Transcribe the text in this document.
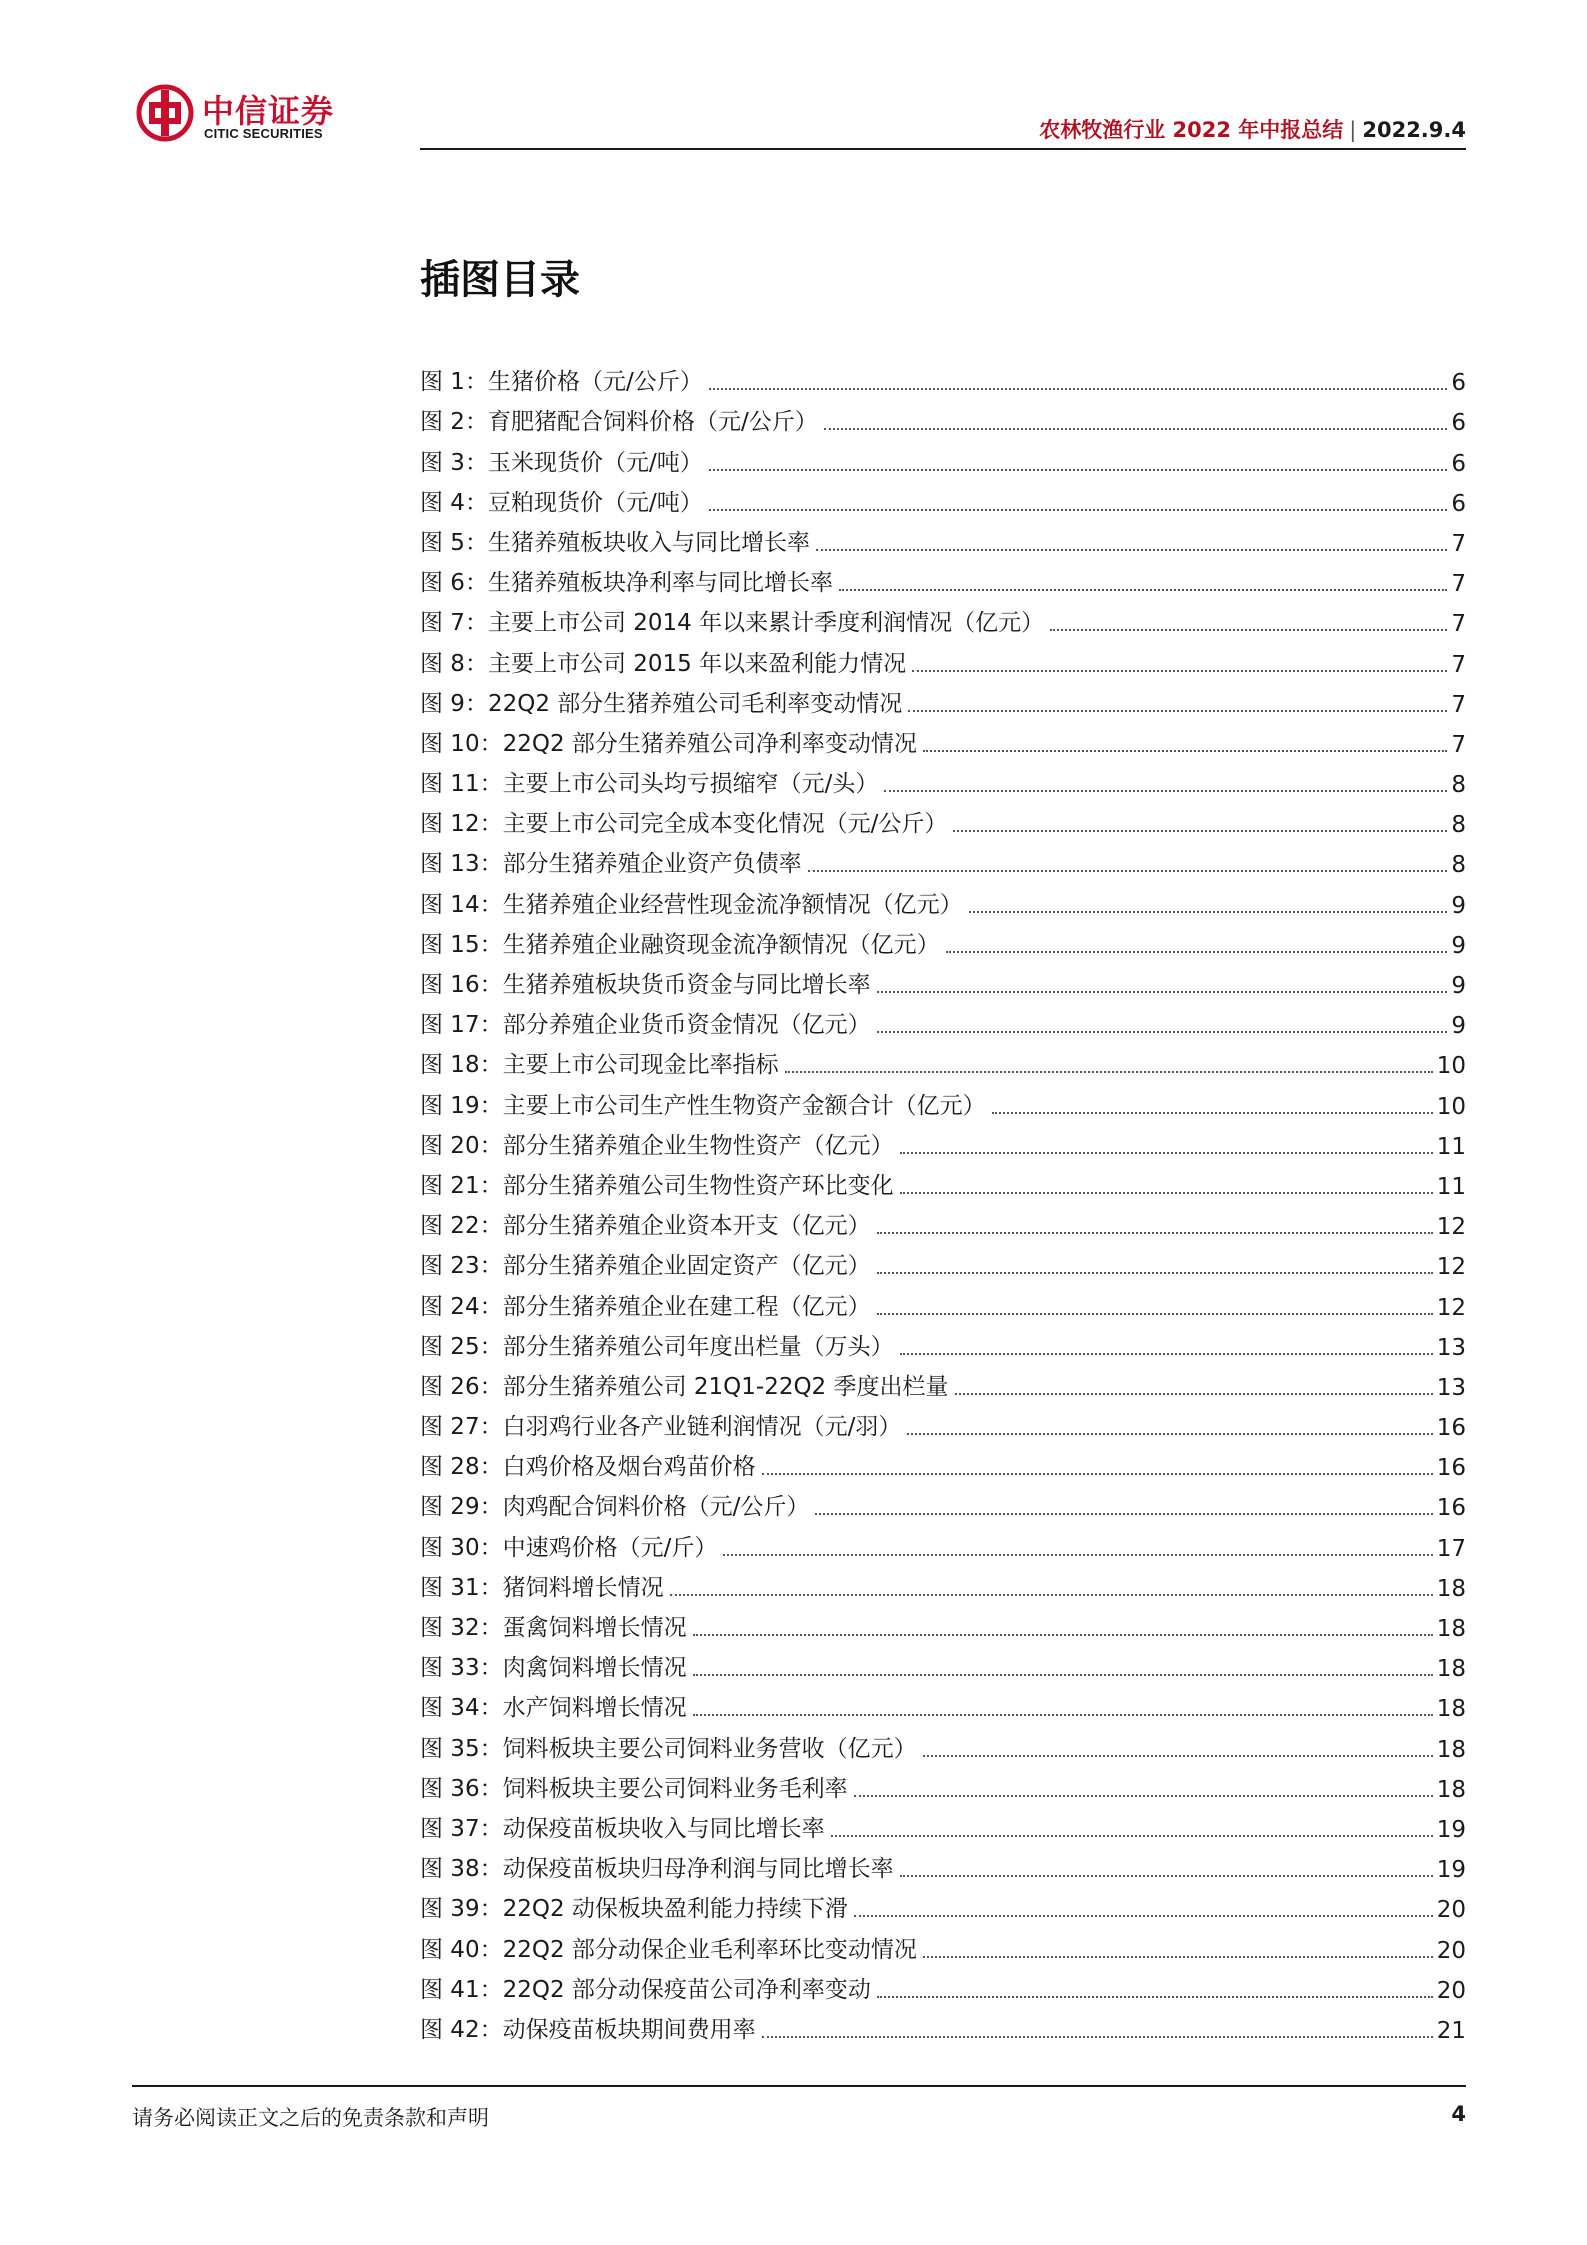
中信证券
CITIC SECURITIES	农林牧渔行业 2022 年中报总结 | 2022.9.4
插图目录
图 1：生猪价格（元/公斤）	6
图 2：育肥猪配合饲料价格（元/公斤）	6
图 3：玉米现货价（元/吨）	6
图 4：豆粕现货价（元/吨）	6
图 5：生猪养殖板块收入与同比增长率	7
图 6：生猪养殖板块净利率与同比增长率	7
图 7：主要上市公司 2014 年以来累计季度利润情况（亿元）	7
图 8：主要上市公司 2015 年以来盈利能力情况	7
图 9：22Q2 部分生猪养殖公司毛利率变动情况	7
图 10：22Q2 部分生猪养殖公司净利率变动情况	7
图 11：主要上市公司头均亏损缩窄（元/头）	8
图 12：主要上市公司完全成本变化情况（元/公斤）	8
图 13：部分生猪养殖企业资产负债率	8
图 14：生猪养殖企业经营性现金流净额情况（亿元）	9
图 15：生猪养殖企业融资现金流净额情况（亿元）	9
图 16：生猪养殖板块货币资金与同比增长率	9
图 17：部分养殖企业货币资金情况（亿元）	9
图 18：主要上市公司现金比率指标	10
图 19：主要上市公司生产性生物资产金额合计（亿元）	10
图 20：部分生猪养殖企业生物性资产（亿元）	11
图 21：部分生猪养殖公司生物性资产环比变化	11
图 22：部分生猪养殖企业资本开支（亿元）	12
图 23：部分生猪养殖企业固定资产（亿元）	12
图 24：部分生猪养殖企业在建工程（亿元）	12
图 25：部分生猪养殖公司年度出栏量（万头）	13
图 26：部分生猪养殖公司 21Q1-22Q2 季度出栏量	13
图 27：白羽鸡行业各产业链利润情况（元/羽）	16
图 28：白鸡价格及烟台鸡苗价格	16
图 29：肉鸡配合饲料价格（元/公斤）	16
图 30：中速鸡价格（元/斤）	17
图 31：猪饲料增长情况	18
图 32：蛋禽饲料增长情况	18
图 33：肉禽饲料增长情况	18
图 34：水产饲料增长情况	18
图 35：饲料板块主要公司饲料业务营收（亿元）	18
图 36：饲料板块主要公司饲料业务毛利率	18
图 37：动保疫苗板块收入与同比增长率	19
图 38：动保疫苗板块归母净利润与同比增长率	19
图 39：22Q2 动保板块盈利能力持续下滑	20
图 40：22Q2 部分动保企业毛利率环比变动情况	20
图 41：22Q2 部分动保疫苗公司净利率变动	20
图 42：动保疫苗板块期间费用率	21
请务必阅读正文之后的免责条款和声明	4
